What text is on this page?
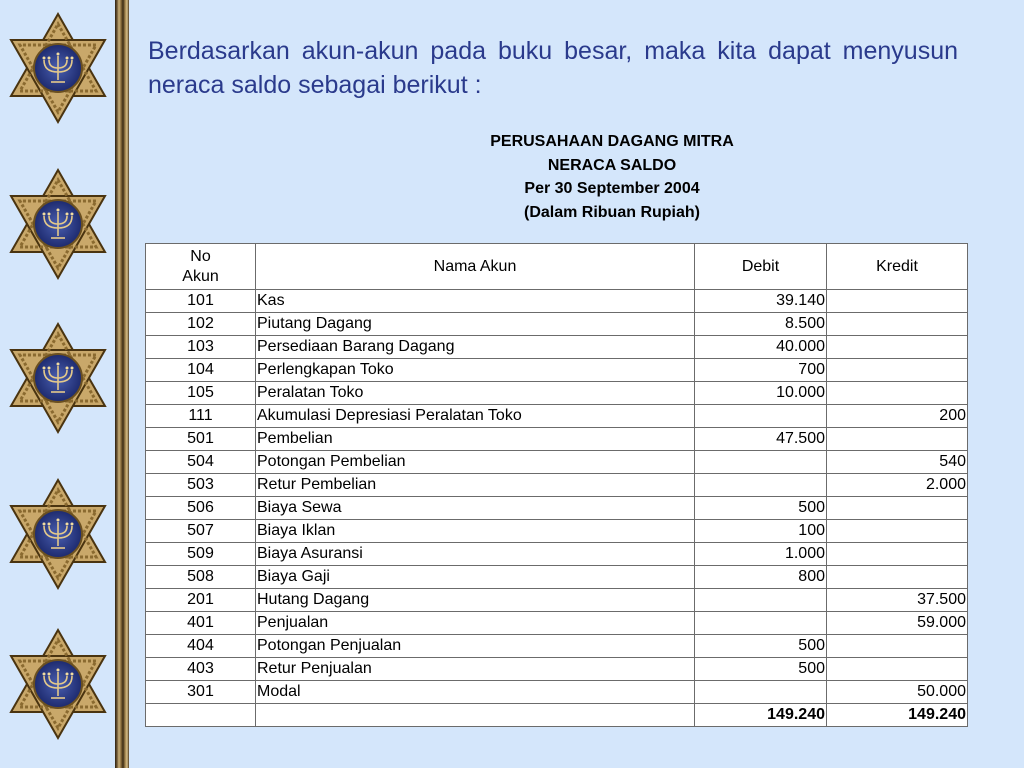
Berdasarkan akun-akun pada buku besar, maka kita dapat menyusun neraca saldo sebagai berikut :
PERUSAHAAN DAGANG MITRA
NERACA SALDO
Per 30 September 2004
(Dalam Ribuan Rupiah)
No
Akun	Nama Akun	Debit	Kredit
101	Kas	39.140	
102	Piutang Dagang	8.500	
103	Persediaan Barang Dagang	40.000	
104	Perlengkapan Toko	700	
105	Peralatan Toko	10.000	
111	Akumulasi Depresiasi Peralatan Toko		200
501	Pembelian	47.500	
504	Potongan Pembelian		540
503	Retur Pembelian		2.000
506	Biaya Sewa	500	
507	Biaya Iklan	100	
509	Biaya Asuransi	1.000	
508	Biaya Gaji	800	
201	Hutang Dagang		37.500
401	Penjualan		59.000
404	Potongan Penjualan	500	
403	Retur Penjualan	500	
301	Modal		50.000
		149.240	149.240
